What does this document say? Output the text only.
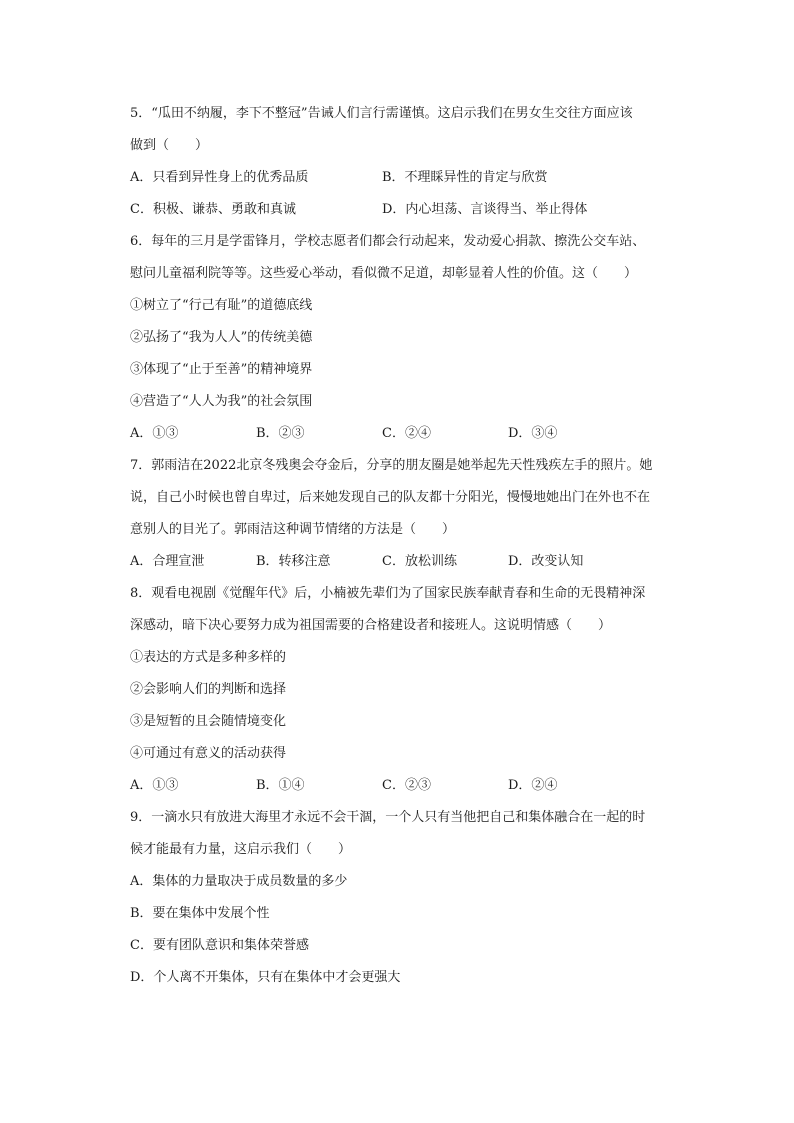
5．“瓜田不纳履，李下不整冠”告诫人们言行需谨慎。这启示我们在男女生交往方面应该
做到（　　）
A．只看到异性身上的优秀品质	B．不理睬异性的肯定与欣赏
C．积极、谦恭、勇敢和真诚	D．内心坦荡、言谈得当、举止得体
6．每年的三月是学雷锋月，学校志愿者们都会行动起来，发动爱心捐款、擦洗公交车站、
慰问儿童福利院等等。这些爱心举动，看似微不足道，却彰显着人性的价值。这（　　）
①树立了“行己有耻”的道德底线
②弘扬了“我为人人”的传统美德
③体现了“止于至善”的精神境界
④营造了“人人为我”的社会氛围
A．①③	B．②③	C．②④	D．③④
7．郭雨洁在2022北京冬残奥会夺金后，分享的朋友圈是她举起先天性残疾左手的照片。她
说，自己小时候也曾自卑过，后来她发现自己的队友都十分阳光，慢慢地她出门在外也不在
意别人的目光了。郭雨洁这种调节情绪的方法是（　　）
A．合理宣泄	B．转移注意	C．放松训练	D．改变认知
8．观看电视剧《觉醒年代》后，小楠被先辈们为了国家民族奉献青春和生命的无畏精神深
深感动，暗下决心要努力成为祖国需要的合格建设者和接班人。这说明情感（　　）
①表达的方式是多种多样的
②会影响人们的判断和选择
③是短暂的且会随情境变化
④可通过有意义的活动获得
A．①③	B．①④	C．②③	D．②④
9．一滴水只有放进大海里才永远不会干涸，一个人只有当他把自己和集体融合在一起的时
候才能最有力量，这启示我们（　　）
A．集体的力量取决于成员数量的多少
B．要在集体中发展个性
C．要有团队意识和集体荣誉感
D．个人离不开集体，只有在集体中才会更强大
